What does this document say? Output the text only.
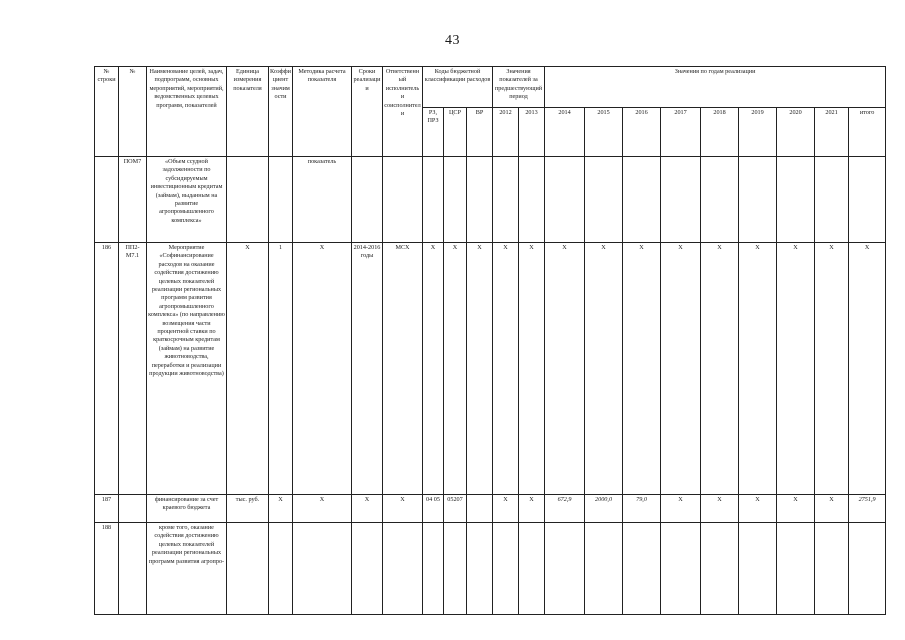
43
№ строки	№	Наименование целей, задач, подпрограмм, основных мероприятий, мероприятий, ведомственных целевых программ, показателей	Единица измерения показателя	Коэффициент значимости	Методика расчета показателя	Сроки реализации	Ответственный исполнитель и соисполнители	Коды бюджетной классификации расходов			Значения показателей за предшествующий период		Значения по годам реализации								
								РЗ, ПРЗ	ЦСР	ВР	2012	2013	2014	2015	2016	2017	2018	2019	2020	2021	итого
	ПОМ7	«Объем ссудной задолженности по субсидируемым инвестиционным кредитам (займам), выданным на развитие агропромышленного комплекса»			показатель																
186	ПП2-М7.1	Мероприятие «Софинансирование расходов на оказание содействия достижению целевых показателей реализации региональных программ развития агропромышленного комплекса» (по направлению возмещения части процентной ставки по краткосрочным кредитам (займам) на развитие животноводства, переработки и реализации продукции животноводства)	X	1	X	2014-2016 годы	МСХ	X	X	X	X	X	X	X	X	X	X	X	X	X	X
187		финансирование за счет краевого бюджета	тыс. руб.	X	X	X	X	04 05	05207		X	X	672,9	2000,0	79,0	X	X	X	X	X	2751,9
188		кроме того, оказание содействия достижению целевых показателей реализации региональных программ развития агропро-																			
